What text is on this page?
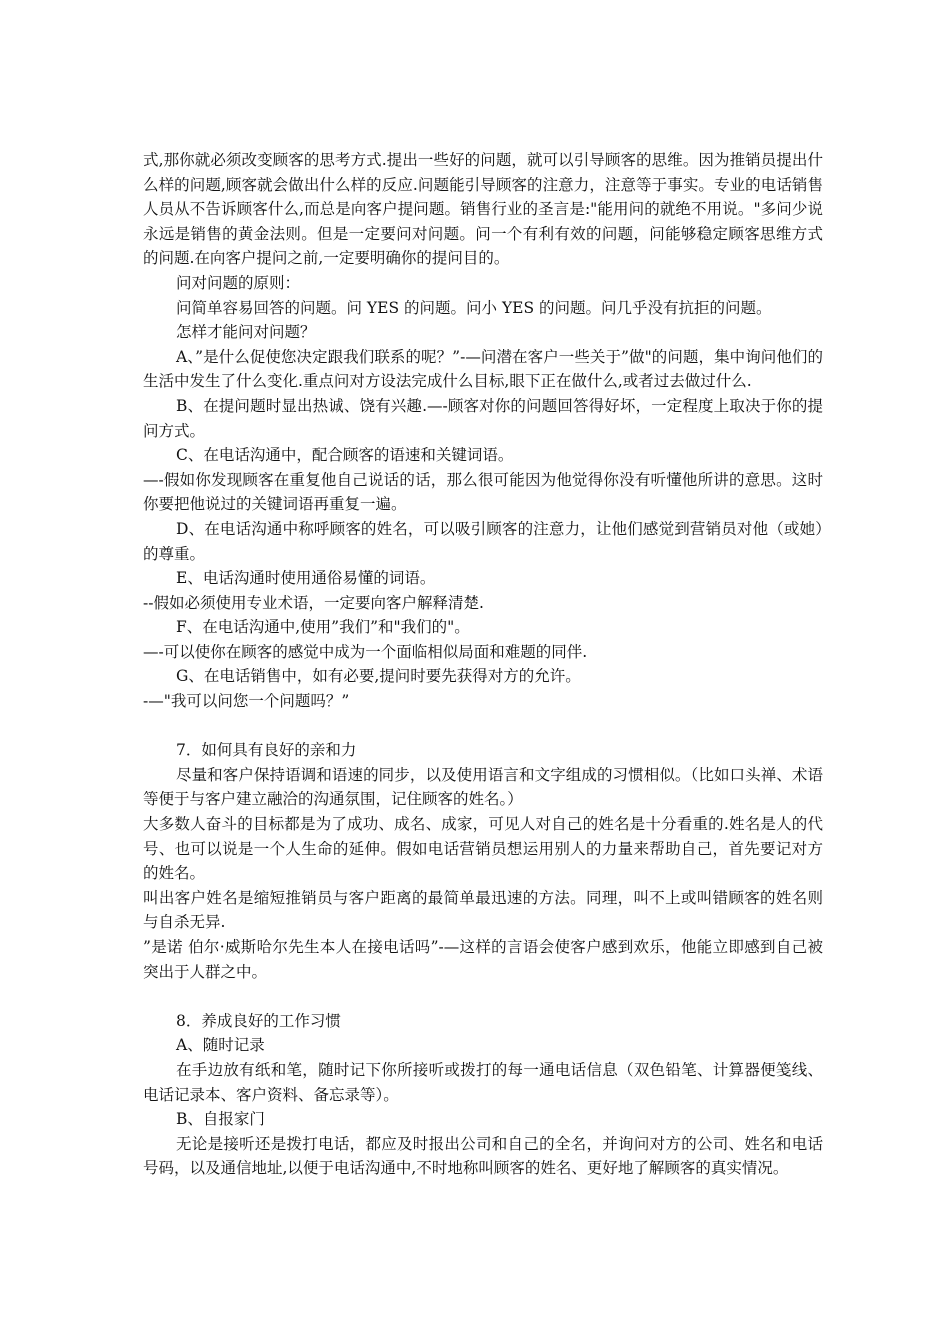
式,那你就必须改变顾客的思考方式.提出一些好的问题，就可以引导顾客的思维。因为推销员提出什么样的问题,顾客就会做出什么样的反应.问题能引导顾客的注意力，注意等于事实。专业的电话销售人员从不告诉顾客什么,而总是向客户提问题。销售行业的圣言是:"能用问的就绝不用说。"多问少说永远是销售的黄金法则。但是一定要问对问题。问一个有利有效的问题，问能够稳定顾客思维方式的问题.在向客户提问之前,一定要明确你的提问目的。

问对问题的原则：

问简单容易回答的问题。问 YES 的问题。问小 YES 的问题。问几乎没有抗拒的问题。

怎样才能问对问题？

A、”是什么促使您决定跟我们联系的呢？”-—问潜在客户一些关于”做"的问题，集中询问他们的生活中发生了什么变化.重点问对方设法完成什么目标,眼下正在做什么,或者过去做过什么.

B、在提问题时显出热诚、饶有兴趣.—-顾客对你的问题回答得好坏，一定程度上取决于你的提问方式。

C、在电话沟通中，配合顾客的语速和关键词语。

—-假如你发现顾客在重复他自己说话的话，那么很可能因为他觉得你没有听懂他所讲的意思。这时你要把他说过的关键词语再重复一遍。

D、在电话沟通中称呼顾客的姓名，可以吸引顾客的注意力，让他们感觉到营销员对他（或她）的尊重。

E、电话沟通时使用通俗易懂的词语。

--假如必须使用专业术语，一定要向客户解释清楚.

F、在电话沟通中,使用”我们”和"我们的"。

—-可以使你在顾客的感觉中成为一个面临相似局面和难题的同伴.

G、在电话销售中，如有必要,提问时要先获得对方的允许。

-—"我可以问您一个问题吗？”

7．如何具有良好的亲和力

尽量和客户保持语调和语速的同步，以及使用语言和文字组成的习惯相似。（比如口头禅、术语等便于与客户建立融洽的沟通氛围，记住顾客的姓名。）

大多数人奋斗的目标都是为了成功、成名、成家，可见人对自己的姓名是十分看重的.姓名是人的代号、也可以说是一个人生命的延伸。假如电话营销员想运用别人的力量来帮助自己，首先要记对方的姓名。

叫出客户姓名是缩短推销员与客户距离的最简单最迅速的方法。同理，叫不上或叫错顾客的姓名则与自杀无异.

”是诺 伯尔·威斯哈尔先生本人在接电话吗”-—这样的言语会使客户感到欢乐，他能立即感到自己被突出于人群之中。

8．养成良好的工作习惯

A、随时记录

在手边放有纸和笔，随时记下你所接听或拨打的每一通电话信息（双色铅笔、计算器便笺线、电话记录本、客户资料、备忘录等）。

B、自报家门

无论是接听还是拨打电话，都应及时报出公司和自己的全名，并询问对方的公司、姓名和电话号码，以及通信地址,以便于电话沟通中,不时地称叫顾客的姓名、更好地了解顾客的真实情况。
